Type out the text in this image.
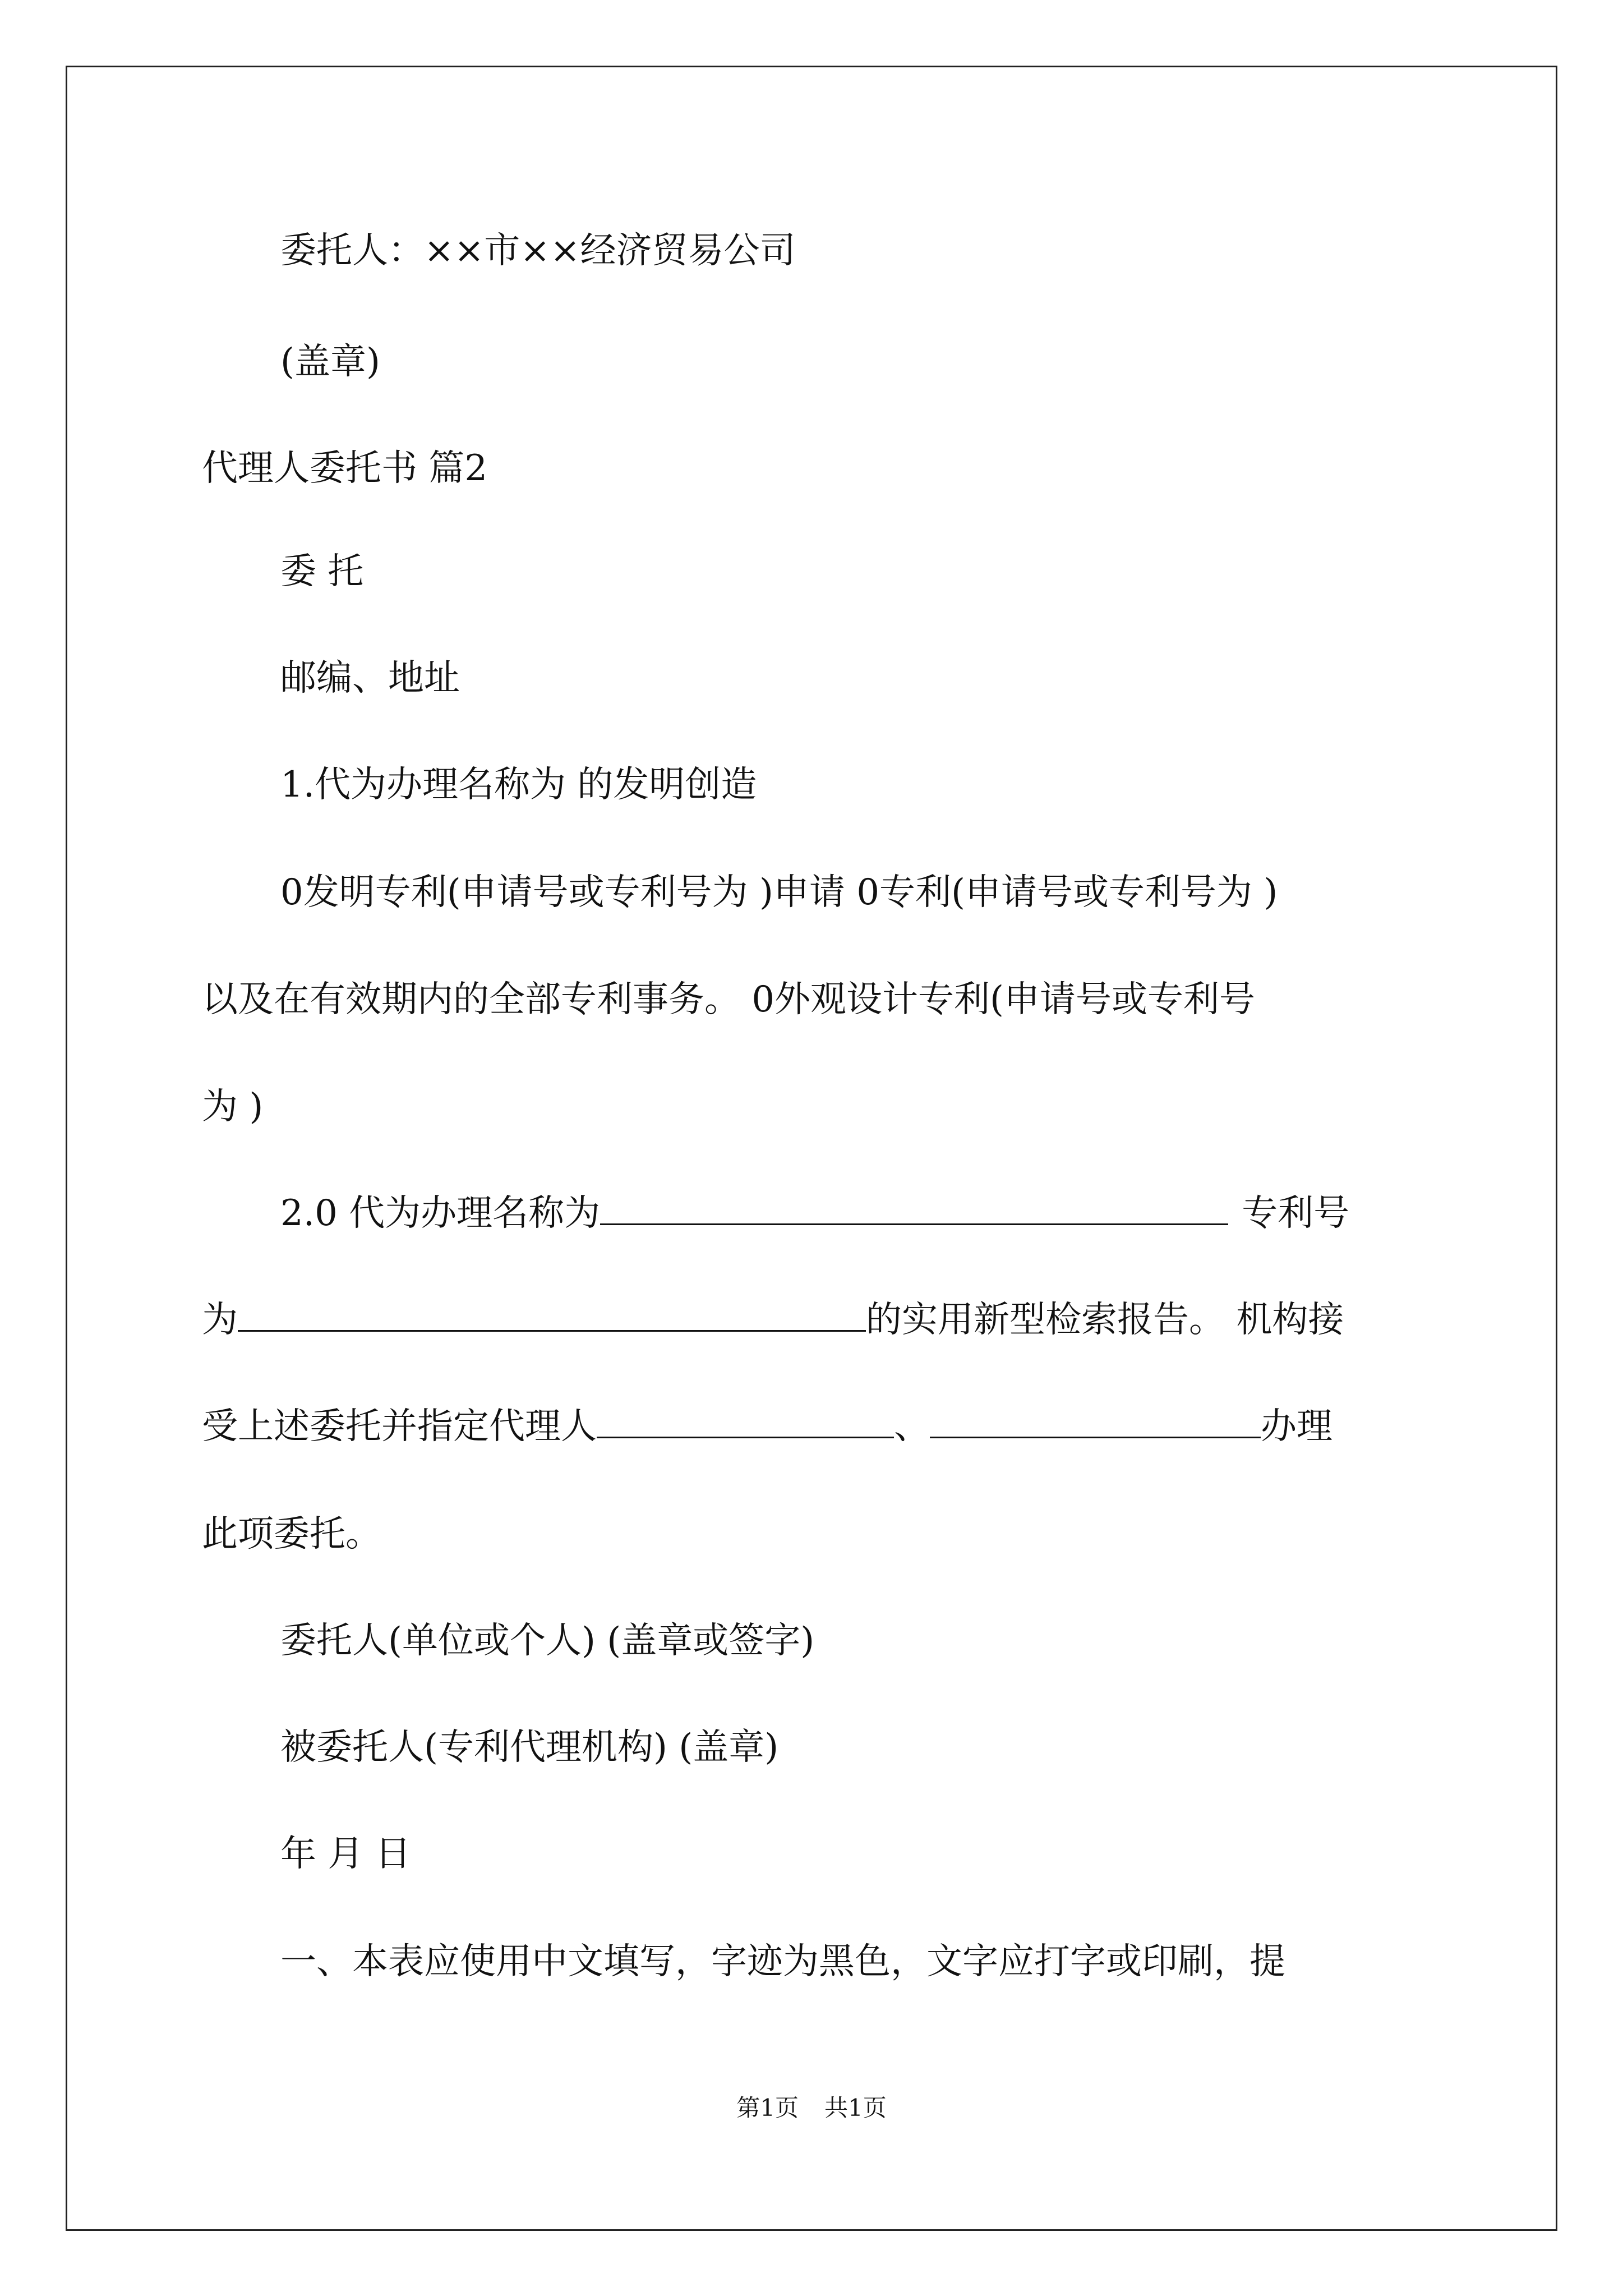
委托人：××市××经济贸易公司
(盖章)
代理人委托书 篇2
委 托
邮编、地址
1.代为办理名称为 的发明创造
0发明专利(申请号或专利号为 )申请 0专利(申请号或专利号为 )
以及在有效期内的全部专利事务。 0外观设计专利(申请号或专利号
为 )
2.0 代为办理名称为	专利号
为	的实用新型检索报告。 机构接
受上述委托并指定代理人	、	办理
此项委托。
委托人(单位或个人) (盖章或签字)
被委托人(专利代理机构) (盖章)
年 月 日
一、本表应使用中文填写，字迹为黑色，文字应打字或印刷，提
第1页 共1页
